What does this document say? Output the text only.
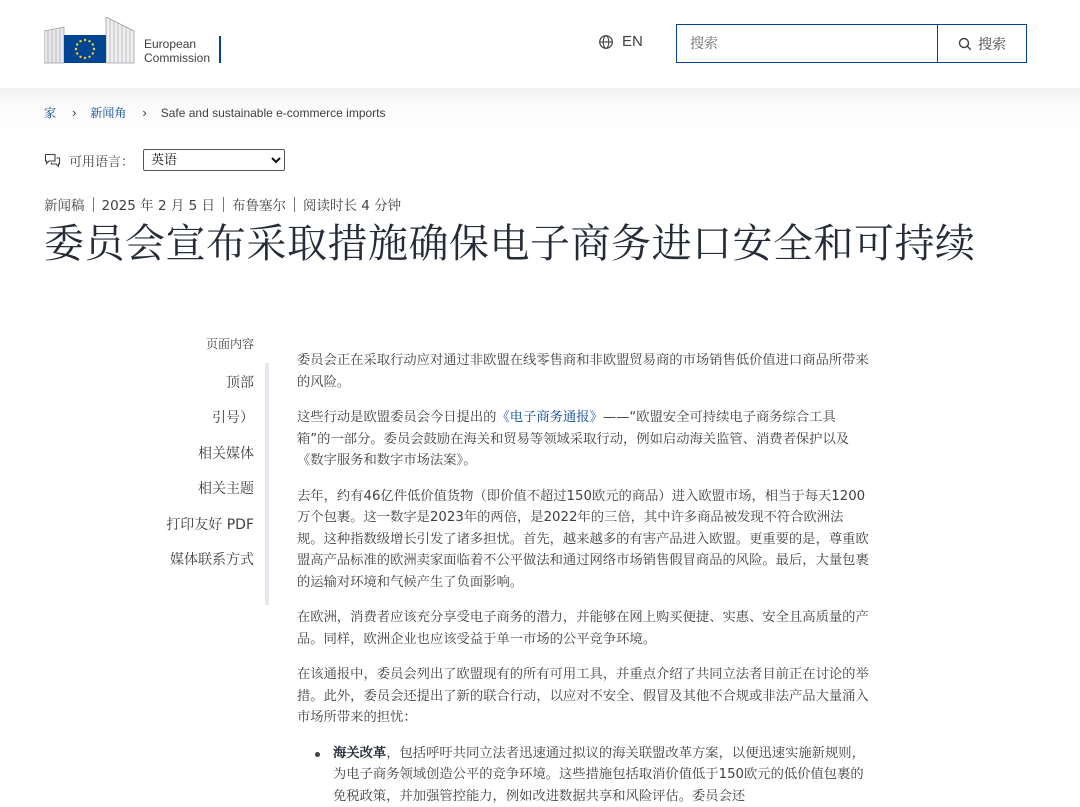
European
Commission
EN
搜索	搜索
家 › 新闻角 › Safe and sustainable e-commerce imports
可用语言：
英语
新闻稿 2025 年 2 月 5 日 布鲁塞尔 阅读时长 4 分钟
委员会宣布采取措施确保电子商务进口安全和可持续
页面内容
顶部
引号）
相关媒体
相关主题
打印友好 PDF
媒体联系方式

委员会正在采取行动应对通过非欧盟在线零售商和非欧盟贸易商的市场销售低价值进口商品所带来的风险。

这些行动是欧盟委员会今日提出的《电子商务通报》——“欧盟安全可持续电子商务综合工具箱”的一部分。委员会鼓励在海关和贸易等领域采取行动，例如启动海关监管、消费者保护以及《数字服务和数字市场法案》。

去年，约有46亿件低价值货物（即价值不超过150欧元的商品）进入欧盟市场，相当于每天1200万个包裹。这一数字是2023年的两倍，是2022年的三倍，其中许多商品被发现不符合欧洲法规。这种指数级增长引发了诸多担忧。首先，越来越多的有害产品进入欧盟。更重要的是，尊重欧盟高产品标准的欧洲卖家面临着不公平做法和通过网络市场销售假冒商品的风险。最后，大量包裹的运输对环境和气候产生了负面影响。

在欧洲，消费者应该充分享受电子商务的潜力，并能够在网上购买便捷、实惠、安全且高质量的产品。同样，欧洲企业也应该受益于单一市场的公平竞争环境。

在该通报中，委员会列出了欧盟现有的所有可用工具，并重点介绍了共同立法者目前正在讨论的举措。此外，委员会还提出了新的联合行动，以应对不安全、假冒及其他不合规或非法产品大量涌入市场所带来的担忧：

海关改革，包括呼吁共同立法者迅速通过拟议的海关联盟改革方案，以便迅速实施新规则，为电子商务领域创造公平的竞争环境。这些措施包括取消价值低于150欧元的低价值包裹的免税政策，并加强管控能力，例如改进数据共享和风险评估。委员会还
